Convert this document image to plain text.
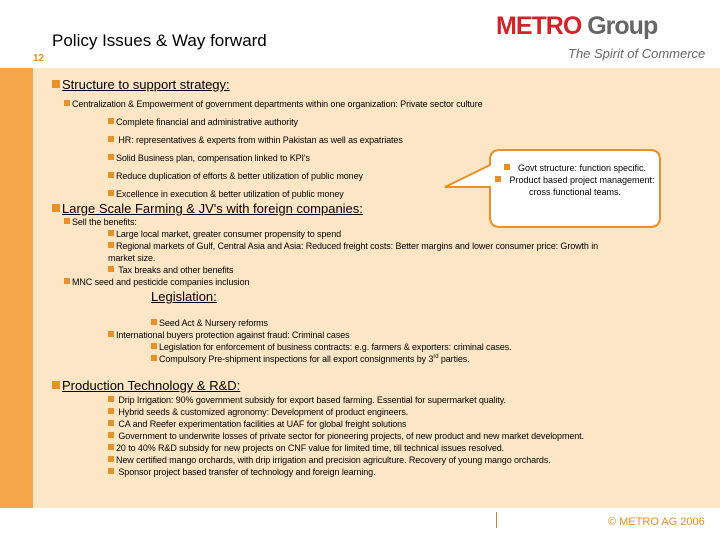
Policy Issues & Way forward
12
METRO Group
The Spirit of Commerce
Structure to support strategy:
Centralization & Empowerment of government departments within one organization: Private sector culture
Complete financial and administrative authority
HR: representatives & experts from within Pakistan as well as expatriates
Solid Business plan, compensation linked to KPI's
Reduce duplication of efforts & better utilization of public money
Excellence in execution & better utilization of public money
Large Scale Farming & JV's with foreign companies:
Sell the benefits:
Large local market, greater consumer propensity to spend
Regional markets of Gulf, Central Asia and Asia: Reduced freight costs: Better margins and lower consumer price: Growth in
market size.
Tax breaks and other benefits
MNC seed and pesticide companies inclusion
Legislation:
Seed Act & Nursery reforms
International buyers protection against fraud: Criminal cases
Legislation for enforcement of business contracts: e.g. farmers & exporters: criminal cases.
Compulsory Pre-shipment inspections for all export consignments by 3rd parties.
Production Technology & R&D:
Drip Irrigation: 90% government subsidy for export based farming. Essential for supermarket quality.
Hybrid seeds & customized agronomy: Development of product engineers.
CA and Reefer experimentation facilities at UAF for global freight solutions
Government to underwrite losses of private sector for pioneering projects, of new product and new market development.
20 to 40% R&D subsidy for new projects on CNF value for limited time, till technical issues resolved.
New certified mango orchards, with drip irrigation and precision agriculture. Recovery of young mango orchards.
Sponsor project based transfer of technology and foreign learning.
Govt structure: function specific.
Product based project management: cross functional teams.
© METRO AG 2006
